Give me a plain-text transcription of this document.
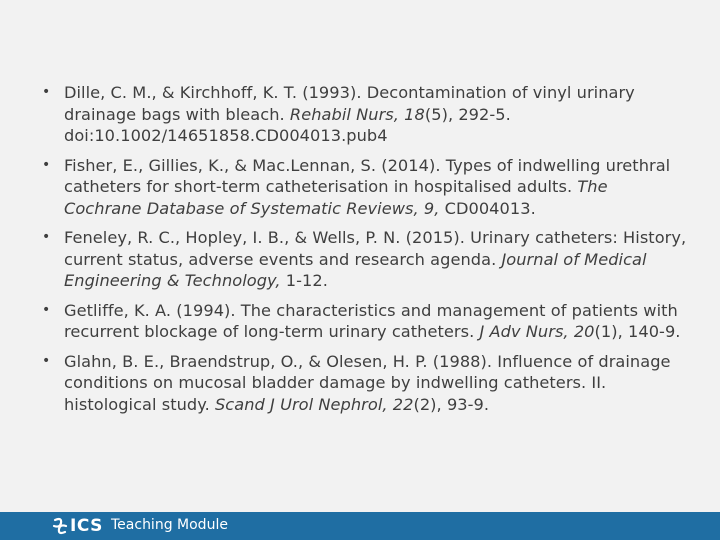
• Dille, C. M., & Kirchhoff, K. T. (1993). Decontamination of vinyl urinary drainage bags with bleach. Rehabil Nurs, 18(5), 292-5. doi:10.1002/14651858.CD004013.pub4
• Fisher, E., Gillies, K., & Mac.Lennan, S. (2014). Types of indwelling urethral catheters for short-term catheterisation in hospitalised adults. The Cochrane Database of Systematic Reviews, 9, CD004013.
• Feneley, R. C., Hopley, I. B., & Wells, P. N. (2015). Urinary catheters: History, current status, adverse events and research agenda. Journal of Medical Engineering & Technology, 1-12.
• Getliffe, K. A. (1994). The characteristics and management of patients with recurrent blockage of long-term urinary catheters. J Adv Nurs, 20(1), 140-9.
• Glahn, B. E., Braendstrup, O., & Olesen, H. P. (1988). Influence of drainage conditions on mucosal bladder damage by indwelling catheters. II. histological study. Scand J Urol Nephrol, 22(2), 93-9.
ICS Teaching Module
